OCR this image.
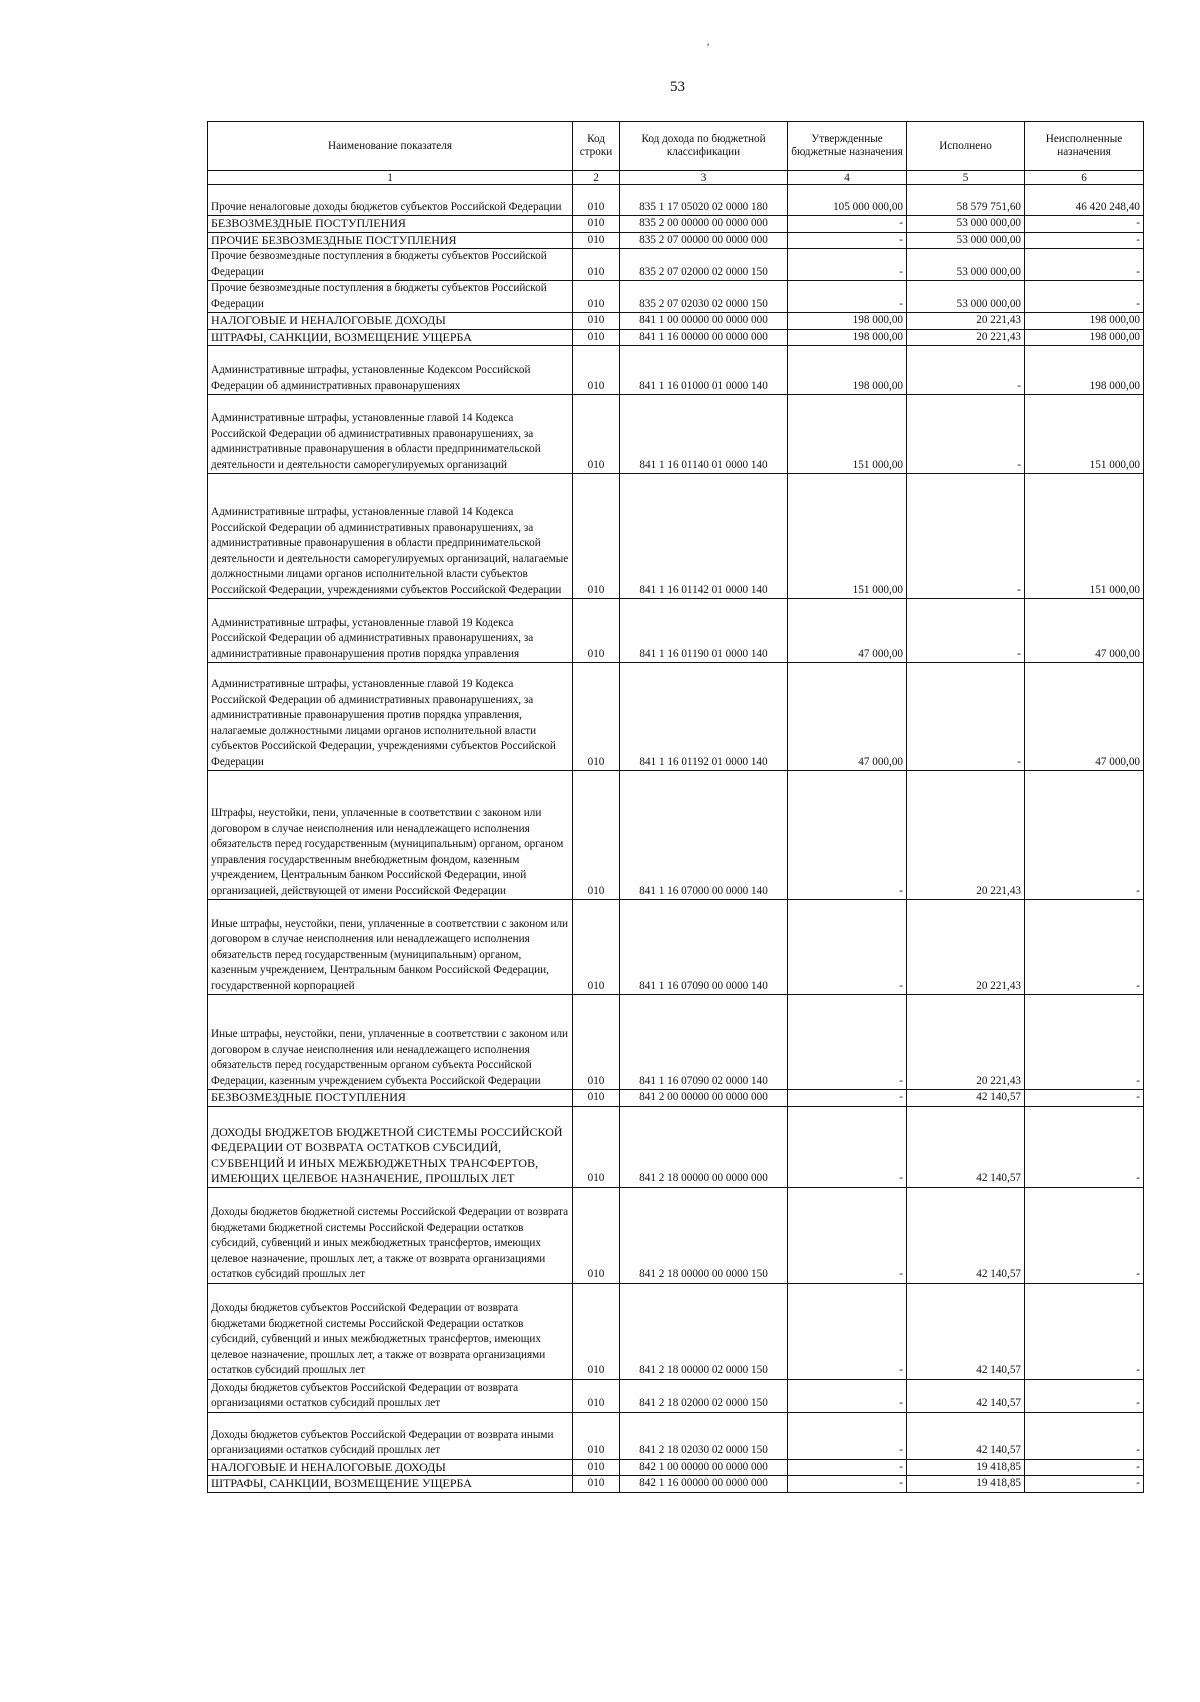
’
53
Наименование показателя	Код строки	Код дохода по бюджетной классификации	Утвержденные бюджетные назначения	Исполнено	Неисполненные назначения
1	2	3	4	5	6
Прочие неналоговые доходы бюджетов субъектов Российской Федерации	010	835 1 17 05020 02 0000 180	105 000 000,00	58 579 751,60	46 420 248,40
БЕЗВОЗМЕЗДНЫЕ ПОСТУПЛЕНИЯ	010	835 2 00 00000 00 0000 000	-	53 000 000,00	-
ПРОЧИЕ БЕЗВОЗМЕЗДНЫЕ ПОСТУПЛЕНИЯ	010	835 2 07 00000 00 0000 000	-	53 000 000,00	-
Прочие безвозмездные поступления в бюджеты субъектов Российской Федерации	010	835 2 07 02000 02 0000 150	-	53 000 000,00	-
Прочие безвозмездные поступления в бюджеты субъектов Российской Федерации	010	835 2 07 02030 02 0000 150	-	53 000 000,00	-
НАЛОГОВЫЕ И НЕНАЛОГОВЫЕ ДОХОДЫ	010	841 1 00 00000 00 0000 000	198 000,00	20 221,43	198 000,00
ШТРАФЫ, САНКЦИИ, ВОЗМЕЩЕНИЕ УЩЕРБА	010	841 1 16 00000 00 0000 000	198 000,00	20 221,43	198 000,00
Административные штрафы, установленные Кодексом Российской Федерации об административных правонарушениях	010	841 1 16 01000 01 0000 140	198 000,00	-	198 000,00
Административные штрафы, установленные главой 14 Кодекса Российской Федерации об административных правонарушениях, за административные правонарушения в области предпринимательской деятельности и деятельности саморегулируемых организаций	010	841 1 16 01140 01 0000 140	151 000,00	-	151 000,00
Административные штрафы, установленные главой 14 Кодекса Российской Федерации об административных правонарушениях, за административные правонарушения в области предпринимательской деятельности и деятельности саморегулируемых организаций, налагаемые должностными лицами органов исполнительной власти субъектов Российской Федерации, учреждениями субъектов Российской Федерации	010	841 1 16 01142 01 0000 140	151 000,00	-	151 000,00
Административные штрафы, установленные главой 19 Кодекса Российской Федерации об административных правонарушениях, за административные правонарушения против порядка управления	010	841 1 16 01190 01 0000 140	47 000,00	-	47 000,00
Административные штрафы, установленные главой 19 Кодекса Российской Федерации об административных правонарушениях, за административные правонарушения против порядка управления, налагаемые должностными лицами органов исполнительной власти субъектов Российской Федерации, учреждениями субъектов Российской Федерации	010	841 1 16 01192 01 0000 140	47 000,00	-	47 000,00
Штрафы, неустойки, пени, уплаченные в соответствии с законом или договором в случае неисполнения или ненадлежащего исполнения обязательств перед государственным (муниципальным) органом, органом управления государственным внебюджетным фондом, казенным учреждением, Центральным банком Российской Федерации, иной организацией, действующей от имени Российской Федерации	010	841 1 16 07000 00 0000 140	-	20 221,43	-
Иные штрафы, неустойки, пени, уплаченные в соответствии с законом или договором в случае неисполнения или ненадлежащего исполнения обязательств перед государственным (муниципальным) органом, казенным учреждением, Центральным банком Российской Федерации, государственной корпорацией	010	841 1 16 07090 00 0000 140	-	20 221,43	-
Иные штрафы, неустойки, пени, уплаченные в соответствии с законом или договором в случае неисполнения или ненадлежащего исполнения обязательств перед государственным органом субъекта Российской Федерации, казенным учреждением субъекта Российской Федерации	010	841 1 16 07090 02 0000 140	-	20 221,43	-
БЕЗВОЗМЕЗДНЫЕ ПОСТУПЛЕНИЯ	010	841 2 00 00000 00 0000 000	-	42 140,57	-
ДОХОДЫ БЮДЖЕТОВ БЮДЖЕТНОЙ СИСТЕМЫ РОССИЙСКОЙ ФЕДЕРАЦИИ ОТ ВОЗВРАТА ОСТАТКОВ СУБСИДИЙ, СУБВЕНЦИЙ И ИНЫХ МЕЖБЮДЖЕТНЫХ ТРАНСФЕРТОВ, ИМЕЮЩИХ ЦЕЛЕВОЕ НАЗНАЧЕНИЕ, ПРОШЛЫХ ЛЕТ	010	841 2 18 00000 00 0000 000	-	42 140,57	-
Доходы бюджетов бюджетной системы Российской Федерации от возврата бюджетами бюджетной системы Российской Федерации остатков субсидий, субвенций и иных межбюджетных трансфертов, имеющих целевое назначение, прошлых лет, а также от возврата организациями остатков субсидий прошлых лет	010	841 2 18 00000 00 0000 150	-	42 140,57	-
Доходы бюджетов субъектов Российской Федерации от возврата бюджетами бюджетной системы Российской Федерации остатков субсидий, субвенций и иных межбюджетных трансфертов, имеющих целевое назначение, прошлых лет, а также от возврата организациями остатков субсидий прошлых лет	010	841 2 18 00000 02 0000 150	-	42 140,57	-
Доходы бюджетов субъектов Российской Федерации от возврата организациями остатков субсидий прошлых лет	010	841 2 18 02000 02 0000 150	-	42 140,57	-
Доходы бюджетов субъектов Российской Федерации от возврата иными организациями остатков субсидий прошлых лет	010	841 2 18 02030 02 0000 150	-	42 140,57	-
НАЛОГОВЫЕ И НЕНАЛОГОВЫЕ ДОХОДЫ	010	842 1 00 00000 00 0000 000	-	19 418,85	-
ШТРАФЫ, САНКЦИИ, ВОЗМЕЩЕНИЕ УЩЕРБА	010	842 1 16 00000 00 0000 000	-	19 418,85	-
